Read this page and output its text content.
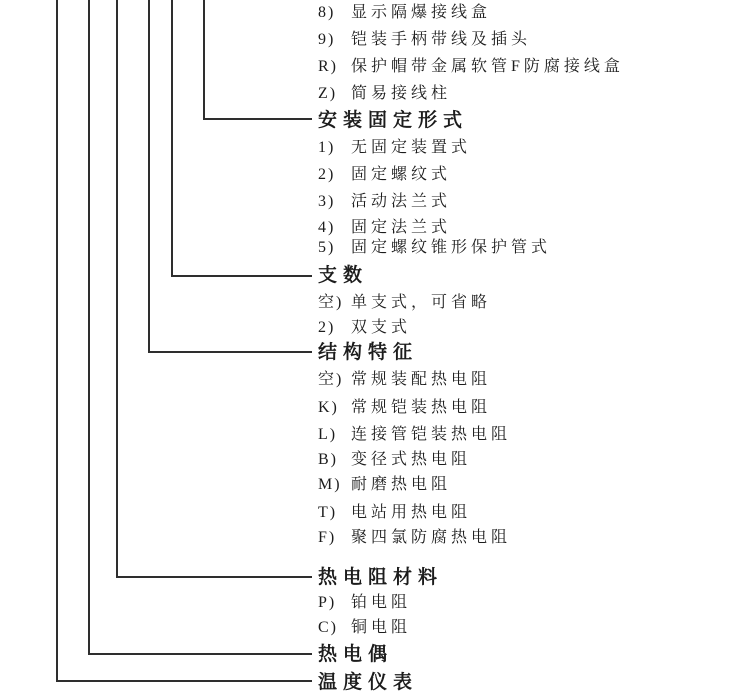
8) 显示隔爆接线盒
9) 铠装手柄带线及插头
R) 保护帽带金属软管F防腐接线盒
Z) 简易接线柱
安装固定形式
1) 无固定装置式
2) 固定螺纹式
3) 活动法兰式
4) 固定法兰式
5) 固定螺纹锥形保护管式
支数
空) 单支式，可省略
2) 双支式
结构特征
空) 常规装配热电阻
K) 常规铠装热电阻
L) 连接管铠装热电阻
B) 变径式热电阻
M) 耐磨热电阻
T) 电站用热电阻
F) 聚四氯防腐热电阻
热电阻材料
P) 铂电阻
C) 铜电阻
热电偶
温度仪表
